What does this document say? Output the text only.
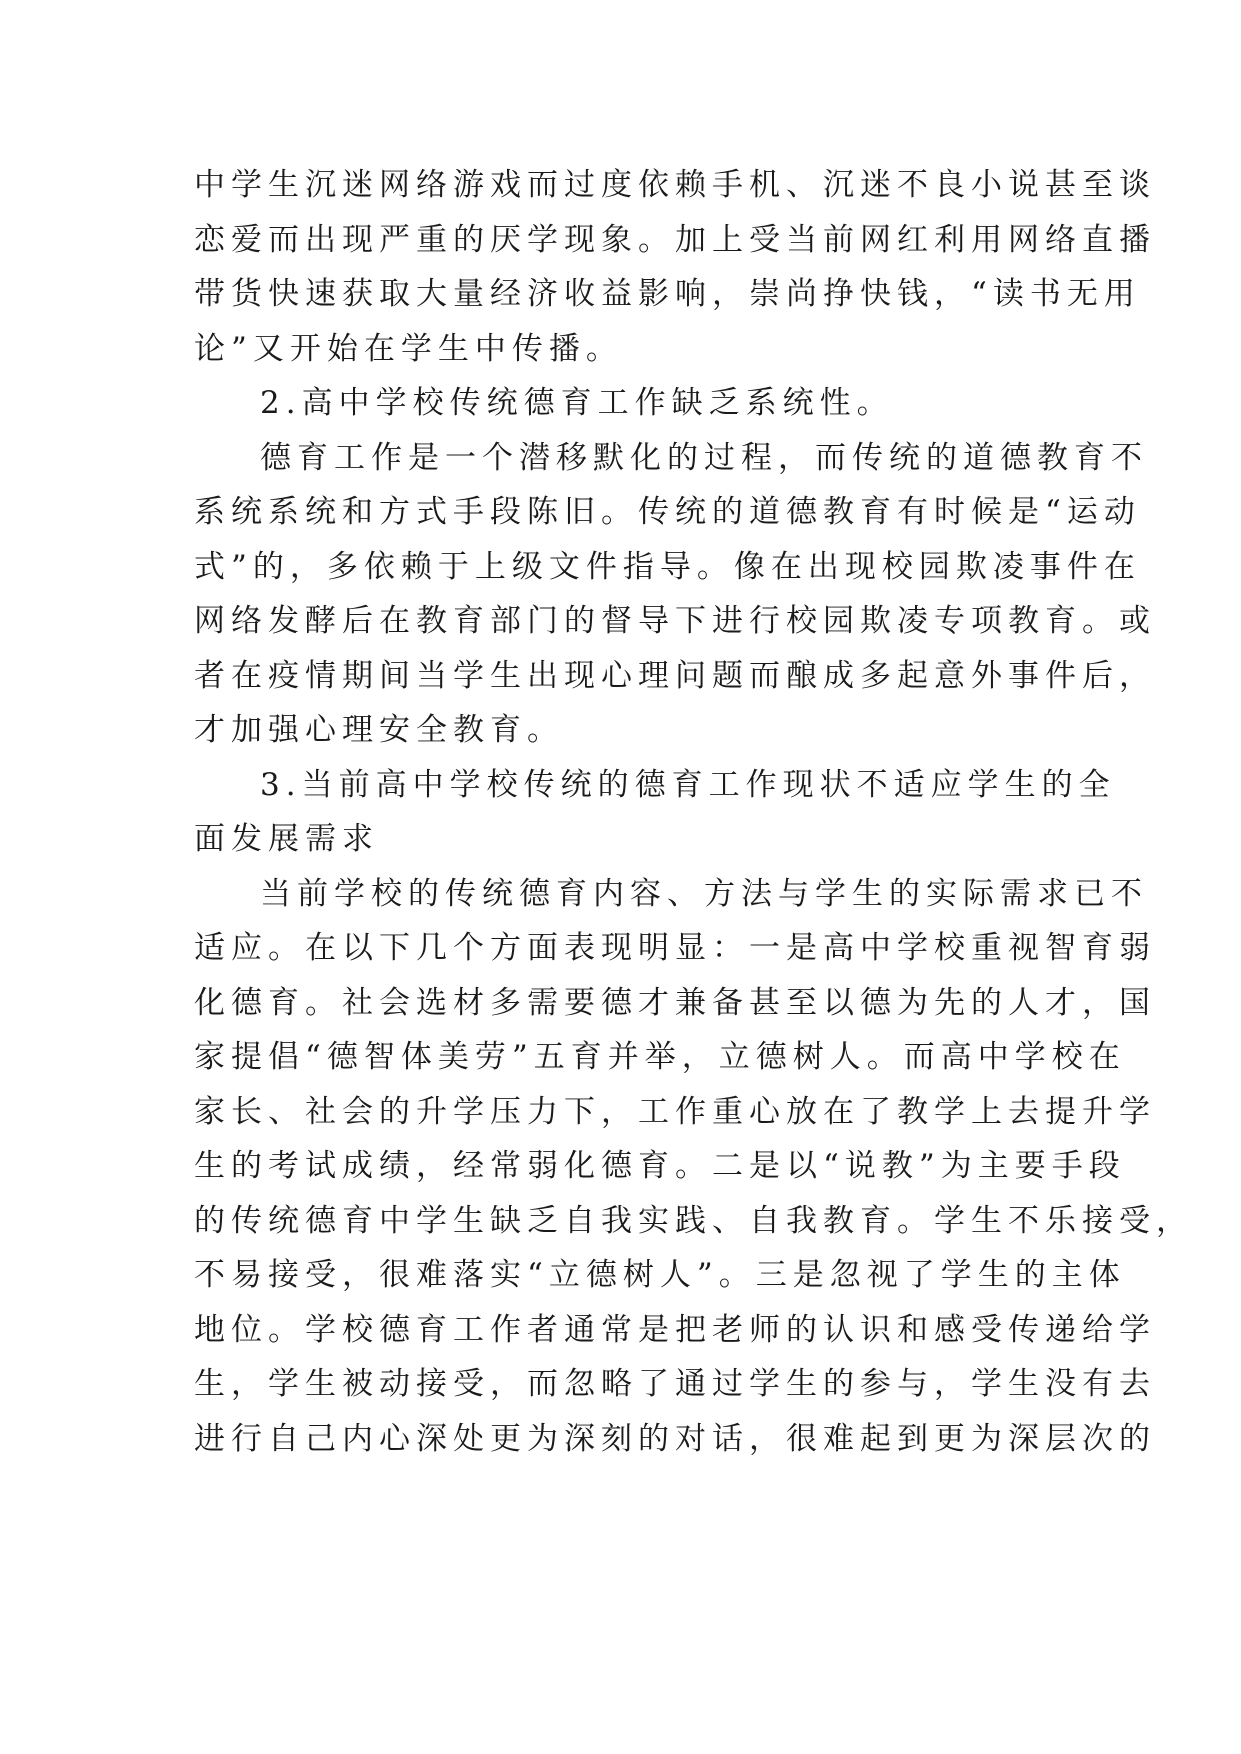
中学生沉迷网络游戏而过度依赖手机、沉迷不良小说甚至谈
恋爱而出现严重的厌学现象。加上受当前网红利用网络直播
带货快速获取大量经济收益影响，崇尚挣快钱，“读书无用
论”又开始在学生中传播。
2.高中学校传统德育工作缺乏系统性。
德育工作是一个潜移默化的过程，而传统的道德教育不
系统系统和方式手段陈旧。传统的道德教育有时候是“运动
式”的，多依赖于上级文件指导。像在出现校园欺凌事件在
网络发酵后在教育部门的督导下进行校园欺凌专项教育。或
者在疫情期间当学生出现心理问题而酿成多起意外事件后，
才加强心理安全教育。
3.当前高中学校传统的德育工作现状不适应学生的全
面发展需求
当前学校的传统德育内容、方法与学生的实际需求已不
适应。在以下几个方面表现明显：一是高中学校重视智育弱
化德育。社会选材多需要德才兼备甚至以德为先的人才，国
家提倡“德智体美劳”五育并举，立德树人。而高中学校在
家长、社会的升学压力下，工作重心放在了教学上去提升学
生的考试成绩，经常弱化德育。二是以“说教”为主要手段
的传统德育中学生缺乏自我实践、自我教育。学生不乐接受，
不易接受，很难落实“立德树人”。三是忽视了学生的主体
地位。学校德育工作者通常是把老师的认识和感受传递给学
生，学生被动接受，而忽略了通过学生的参与，学生没有去
进行自己内心深处更为深刻的对话，很难起到更为深层次的
